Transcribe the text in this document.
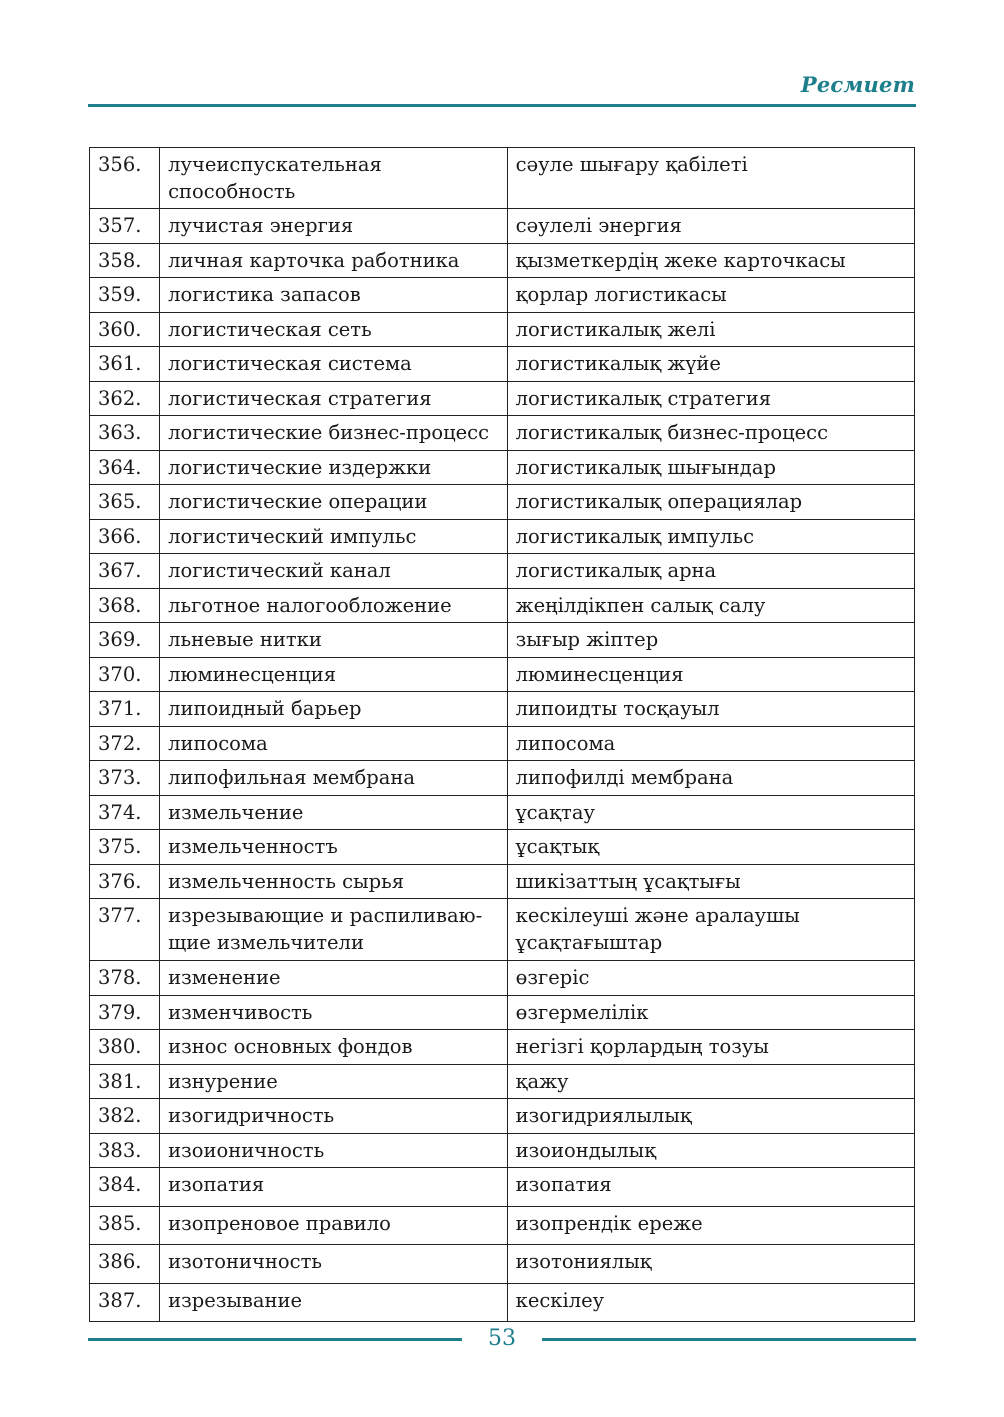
Ресмиет
356.	лучеиспускательная способность	сәуле шығару қабілеті
357.	лучистая энергия	сәулелі энергия
358.	личная карточка работника	қызметкердің жеке карточкасы
359.	логистика запасов	қорлар логистикасы
360.	логистическая сеть	логистикалық желі
361.	логистическая система	логистикалық жүйе
362.	логистическая стратегия	логистикалық стратегия
363.	логистические бизнес-процесс	логистикалық бизнес-процесс
364.	логистические издержки	логистикалық шығындар
365.	логистические операции	логистикалық операциялар
366.	логистический импульс	логистикалық импульс
367.	логистический канал	логистикалық арна
368.	льготное налогообложение	жеңілдікпен салық салу
369.	льневые нитки	зығыр жіптер
370.	люминесценция	люминесценция
371.	липоидный барьер	липоидты тосқауыл
372.	липосома	липосома
373.	липофильная мембрана	липофилді мембрана
374.	измельчение	ұсақтау
375.	измельченностъ	ұсақтық
376.	измельченность сырья	шикізаттың ұсақтығы
377.	изрезывающие и распиливаю-щие измельчители	кескілеуші және аралаушы ұсақтағыштар
378.	изменение	өзгеріс
379.	изменчивость	өзгермелілік
380.	износ основных фондов	негізгі қорлардың тозуы
381.	изнурение	қажу
382.	изогидричность	изогидриялылық
383.	изоионичность	изоиондылық
384.	изопатия	изопатия
385.	изопреновое правило	изопрендік ереже
386.	изотоничность	изотониялық
387.	изрезывание	кескілеу
53
